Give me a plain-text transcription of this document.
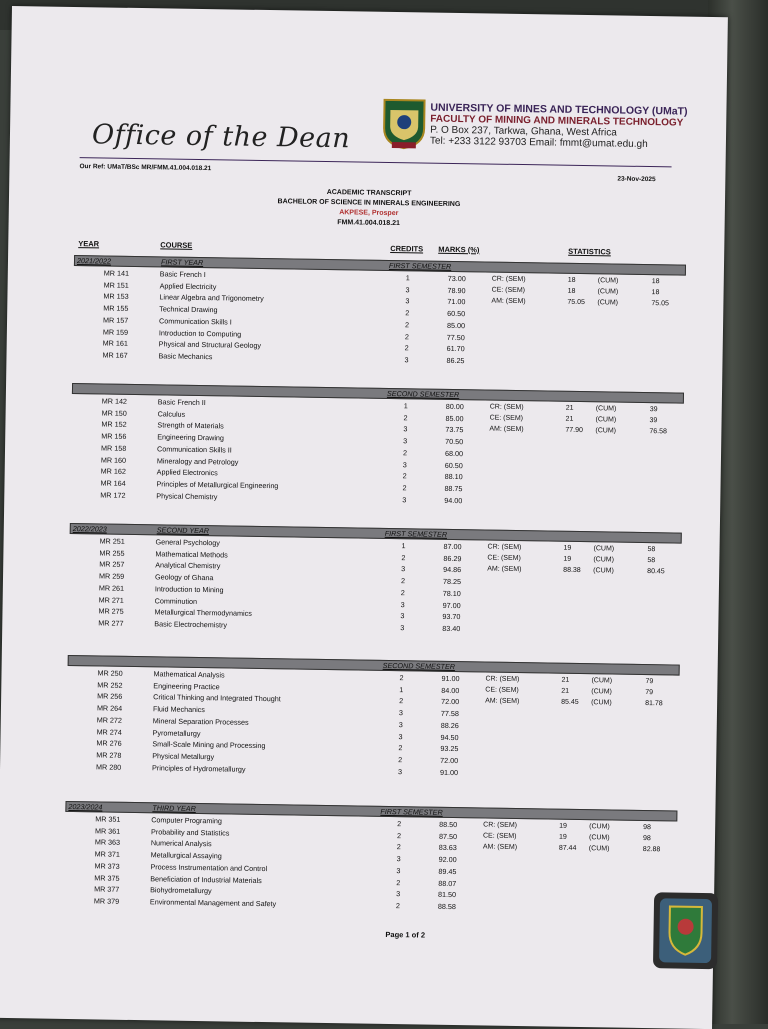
Office of the Dean
UNIVERSITY OF MINES AND TECHNOLOGY (UMaT)
FACULTY OF MINING AND MINERALS TECHNOLOGY
P. O Box 237, Tarkwa, Ghana, West Africa
Tel: +233 3122 93703 Email: fmmt@umat.edu.gh
Our Ref: UMaT/BSc MR/FMM.41.004.018.21
23-Nov-2025
ACADEMIC TRANSCRIPT
BACHELOR OF SCIENCE IN MINERALS ENGINEERING
AKPESE, Prosper
FMM.41.004.018.21
YEAR	COURSE	CREDITS MARKS (%)	STATISTICS
2021/2022	FIRST YEAR	FIRST SEMESTER
MR 141	Basic French I	1	73.00
MR 151	Applied Electricity	3	78.90
MR 153	Linear Algebra and Trigonometry	3	71.00
MR 155	Technical Drawing	2	60.50
MR 157	Communication Skills I	2	85.00
MR 159	Introduction to Computing	2	77.50
MR 161	Physical and Structural Geology	2	61.70
MR 167	Basic Mechanics	3	86.25
CR: (SEM)	18	(CUM)	18
CE: (SEM)	18	(CUM)	18
AM: (SEM)	75.05 (CUM)	75.05
SECOND SEMESTER
MR 142	Basic French II	1	80.00
MR 150	Calculus	2	85.00
MR 152	Strength of Materials	3	73.75
MR 156	Engineering Drawing	3	70.50
MR 158	Communication Skills II	2	68.00
MR 160	Mineralogy and Petrology	3	60.50
MR 162	Applied Electronics	2	88.10
MR 164	Principles of Metallurgical Engineering	2	88.75
MR 172	Physical Chemistry	3	94.00
CR: (SEM)	21	(CUM)	39
CE: (SEM)	21	(CUM)	39
AM: (SEM)	77.90 (CUM)	76.58
2022/2023	SECOND YEAR	FIRST SEMESTER
MR 251	General Psychology	1	87.00
MR 255	Mathematical Methods	2	86.29
MR 257	Analytical Chemistry	3	94.86
MR 259	Geology of Ghana	2	78.25
MR 261	Introduction to Mining	2	78.10
MR 271	Comminution	3	97.00
MR 275	Metallurgical Thermodynamics	3	93.70
MR 277	Basic Electrochemistry	3	83.40
CR: (SEM)	19	(CUM)	58
CE: (SEM)	19	(CUM)	58
AM: (SEM)	88.38 (CUM)	80.45
SECOND SEMESTER
MR 250	Mathematical Analysis	2	91.00
MR 252	Engineering Practice	1	84.00
MR 256	Critical Thinking and Integrated Thought	2	72.00
MR 264	Fluid Mechanics	3	77.58
MR 272	Mineral Separation Processes	3	88.26
MR 274	Pyrometallurgy	3	94.50
MR 276	Small-Scale Mining and Processing	2	93.25
MR 278	Physical Metallurgy	2	72.00
MR 280	Principles of Hydrometallurgy	3	91.00
CR: (SEM)	21	(CUM)	79
CE: (SEM)	21	(CUM)	79
AM: (SEM)	85.45 (CUM)	81.78
2023/2024	THIRD YEAR	FIRST SEMESTER
MR 351	Computer Programing	2	88.50
MR 361	Probability and Statistics	2	87.50
MR 363	Numerical Analysis	2	83.63
MR 371	Metallurgical Assaying	3	92.00
MR 373	Process Instrumentation and Control	3	89.45
MR 375	Beneficiation of Industrial Materials	2	88.07
MR 377	Biohydrometallurgy	3	81.50
MR 379	Environmental Management and Safety	2	88.58
CR: (SEM)	19	(CUM)	98
CE: (SEM)	19	(CUM)	98
AM: (SEM)	87.44 (CUM)	82.88
Page 1 of 2
